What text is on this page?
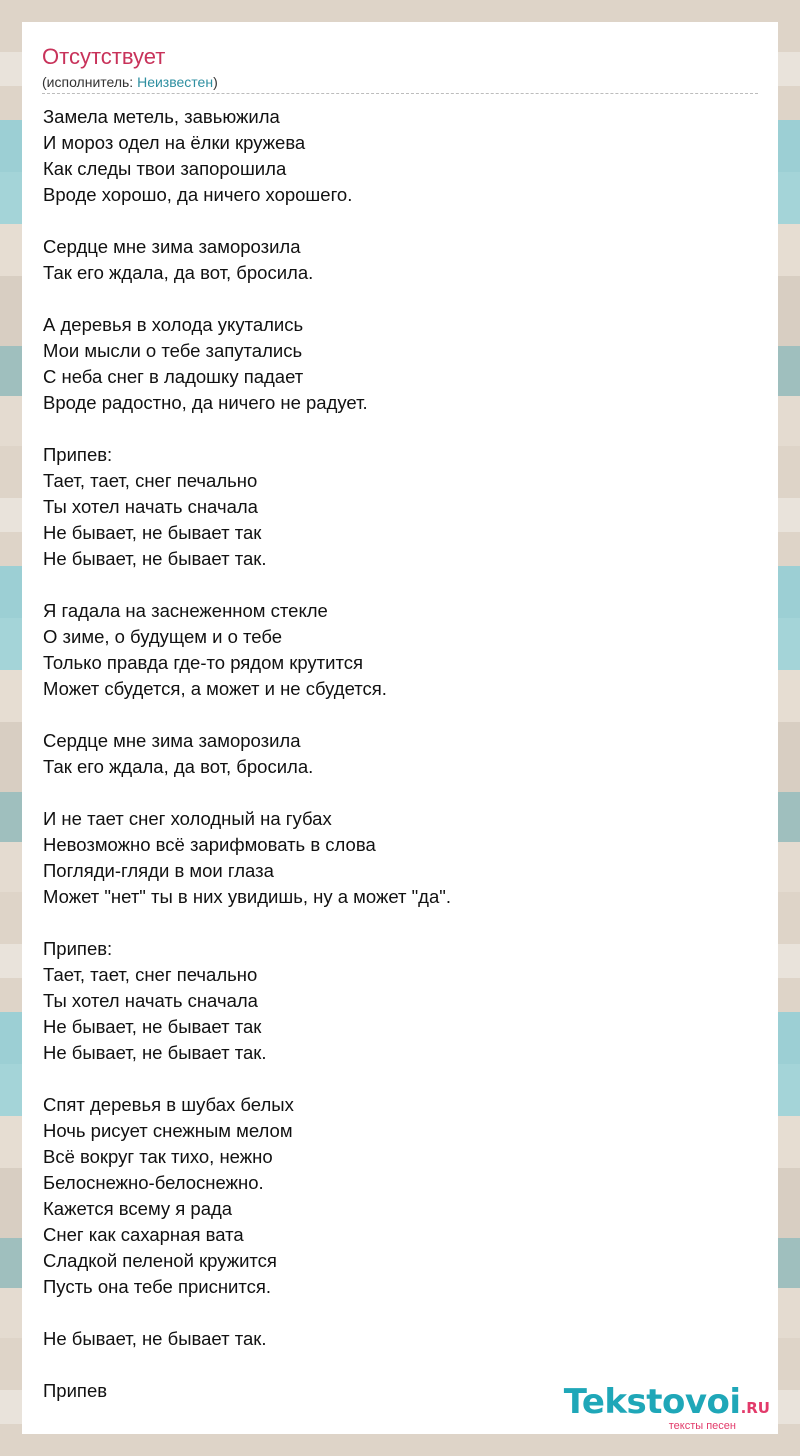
Отсутствует
(исполнитель: Неизвестен)
Замела метель, завьюжила
И мороз одел на ёлки кружева
Как следы твои запорошила
Вроде хорошо, да ничего хорошего.
Сердце мне зима заморозила
Так его ждала, да вот, бросила.
А деревья в холода укутались
Мои мысли о тебе запутались
С неба снег в ладошку падает
Вроде радостно, да ничего не радует.
Припев:
Тает, тает, снег печально
Ты хотел начать сначала
Не бывает, не бывает так
Не бывает, не бывает так.
Я гадала на заснеженном стекле
О зиме, о будущем и о тебе
Только правда где-то рядом крутится
Может сбудется, а может и не сбудется.
Сердце мне зима заморозила
Так его ждала, да вот, бросила.
И не тает снег холодный на губах
Невозможно всё зарифмовать в слова
Погляди-гляди в мои глаза
Может "нет" ты в них увидишь, ну а может "да".
Припев:
Тает, тает, снег печально
Ты хотел начать сначала
Не бывает, не бывает так
Не бывает, не бывает так.
Спят деревья в шубах белых
Ночь рисует снежным мелом
Всё вокруг так тихо, нежно
Белоснежно-белоснежно.
Кажется всему я рада
Снег как сахарная вата
Сладкой пеленой кружится
Пусть она тебе приснится.
Не бывает, не бывает так.
Припев	Tekstovoi.RU
тексты песен
